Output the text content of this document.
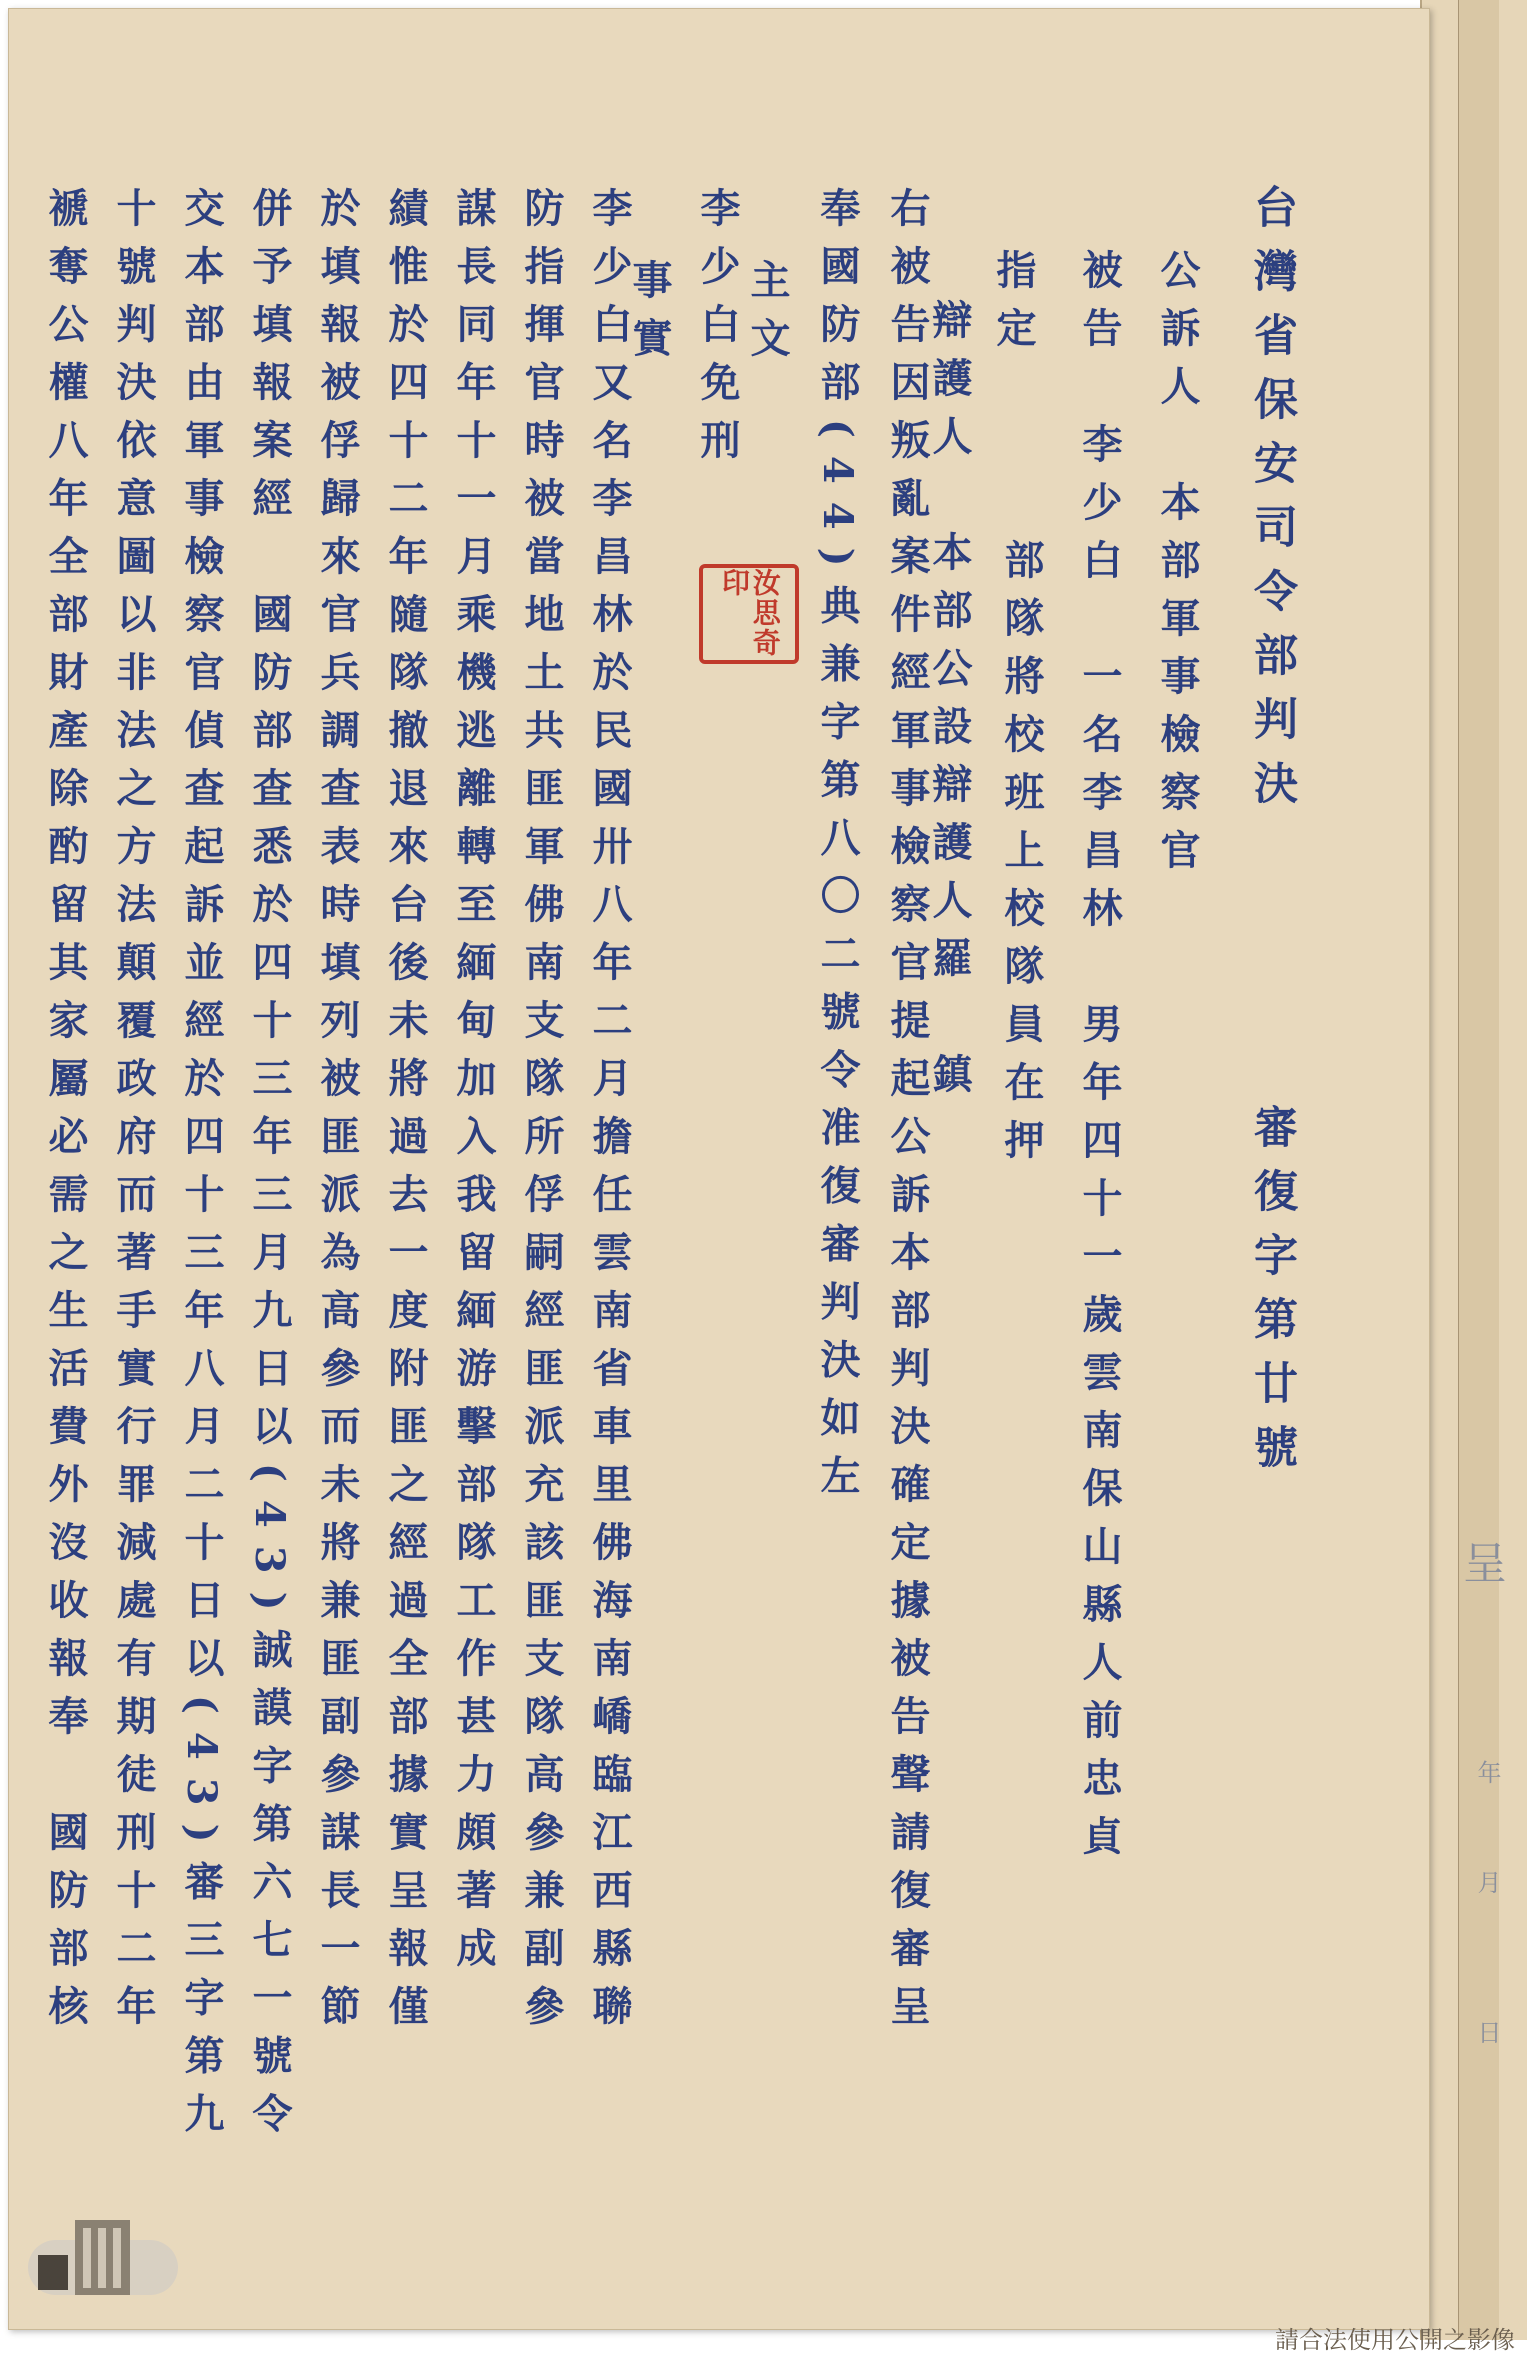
台灣省保安司令部判決
審復字第廿號
公訴人　本部軍事檢察官
被告　李少白　一名李昌林　男年四十一歲雲南保山縣人前忠貞
部隊將校班上校隊員在押
指定
辯護人　本部公設辯護人羅　鎮
右被告因叛亂案件經軍事檢察官提起公訴本部判決確定據被告聲請復審呈
奉國防部(44)典兼字第八〇二號令准復審判決如左
主文
李少白免刑
事實
李少白又名李昌林於民國卅八年二月擔任雲南省車里佛海南嶠臨江西縣聯
防指揮官時被當地土共匪軍佛南支隊所俘嗣經匪派充該匪支隊高參兼副參
謀長同年十一月乘機逃離轉至緬甸加入我留緬游擊部隊工作甚力頗著成
績惟於四十二年隨隊撤退來台後未將過去一度附匪之經過全部據實呈報僅
於填報被俘歸來官兵調查表時填列被匪派為高參而未將兼匪副參謀長一節
併予填報案經　國防部查悉於四十三年三月九日以(43)誠謨字第六七一號令
交本部由軍事檢察官偵查起訴並經於四十三年八月二十日以(43)審三字第九
十號判決依意圖以非法之方法顛覆政府而著手實行罪減處有期徒刑十二年
褫奪公權八年全部財產除酌留其家屬必需之生活費外沒收報奉　國防部核	汝思奇印
呈
年
月
日
請合法使用公開之影像
